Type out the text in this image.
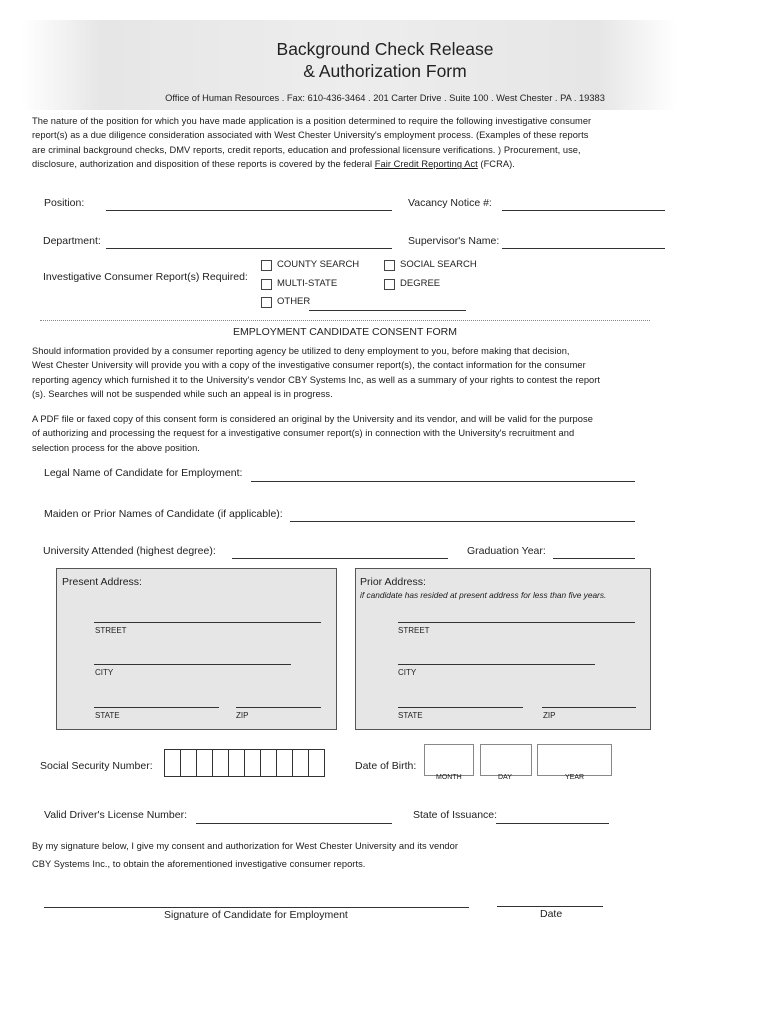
Background Check Release
& Authorization Form
Office of Human Resources . Fax: 610-436-3464 . 201 Carter Drive . Suite 100 . West Chester . PA . 19383

The nature of the position for which you have made application is a position determined to require the following investigative consumer

report(s) as a due diligence consideration associated with West Chester University's employment process. (Examples of these reports

are criminal background checks, DMV reports, credit reports, education and professional licensure verifications. ) Procurement, use,

disclosure, authorization and disposition of these reports is covered by the federal Fair Credit Reporting Act (FCRA).

Position:	Vacancy Notice #:
Department:	Supervisor's Name:
Investigative Consumer Report(s) Required:
COUNTY SEARCH	SOCIAL SEARCH
MULTI-STATE	DEGREE
OTHER
EMPLOYMENT CANDIDATE CONSENT FORM

Should information provided by a consumer reporting agency be utilized to deny employment to you, before making that decision,

West Chester University will provide you with a copy of the investigative consumer report(s), the contact information for the consumer

reporting agency which furnished it to the University's vendor CBY Systems Inc, as well as a summary of your rights to contest the report

(s). Searches will not be suspended while such an appeal is in progress.

A PDF file or faxed copy of this consent form is considered an original by the University and its vendor, and will be valid for the purpose

of authorizing and processing the request for a investigative consumer report(s) in connection with the University's recruitment and

selection process for the above position.

Legal Name of Candidate for Employment:
Maiden or Prior Names of Candidate (if applicable):
University Attended (highest degree):	Graduation Year:
Present Address:
STREET
CITY
STATE	ZIP
Prior Address:
if candidate has resided at present address for less than five years.
STREET
CITY
STATE	ZIP
Social Security Number:	Date of Birth:
MONTH	DAY	YEAR
Valid Driver's License Number:	State of Issuance:

By my signature below, I give my consent and authorization for West Chester University and its vendor

CBY Systems Inc., to obtain the aforementioned investigative consumer reports.

Signature of Candidate for Employment	Date
